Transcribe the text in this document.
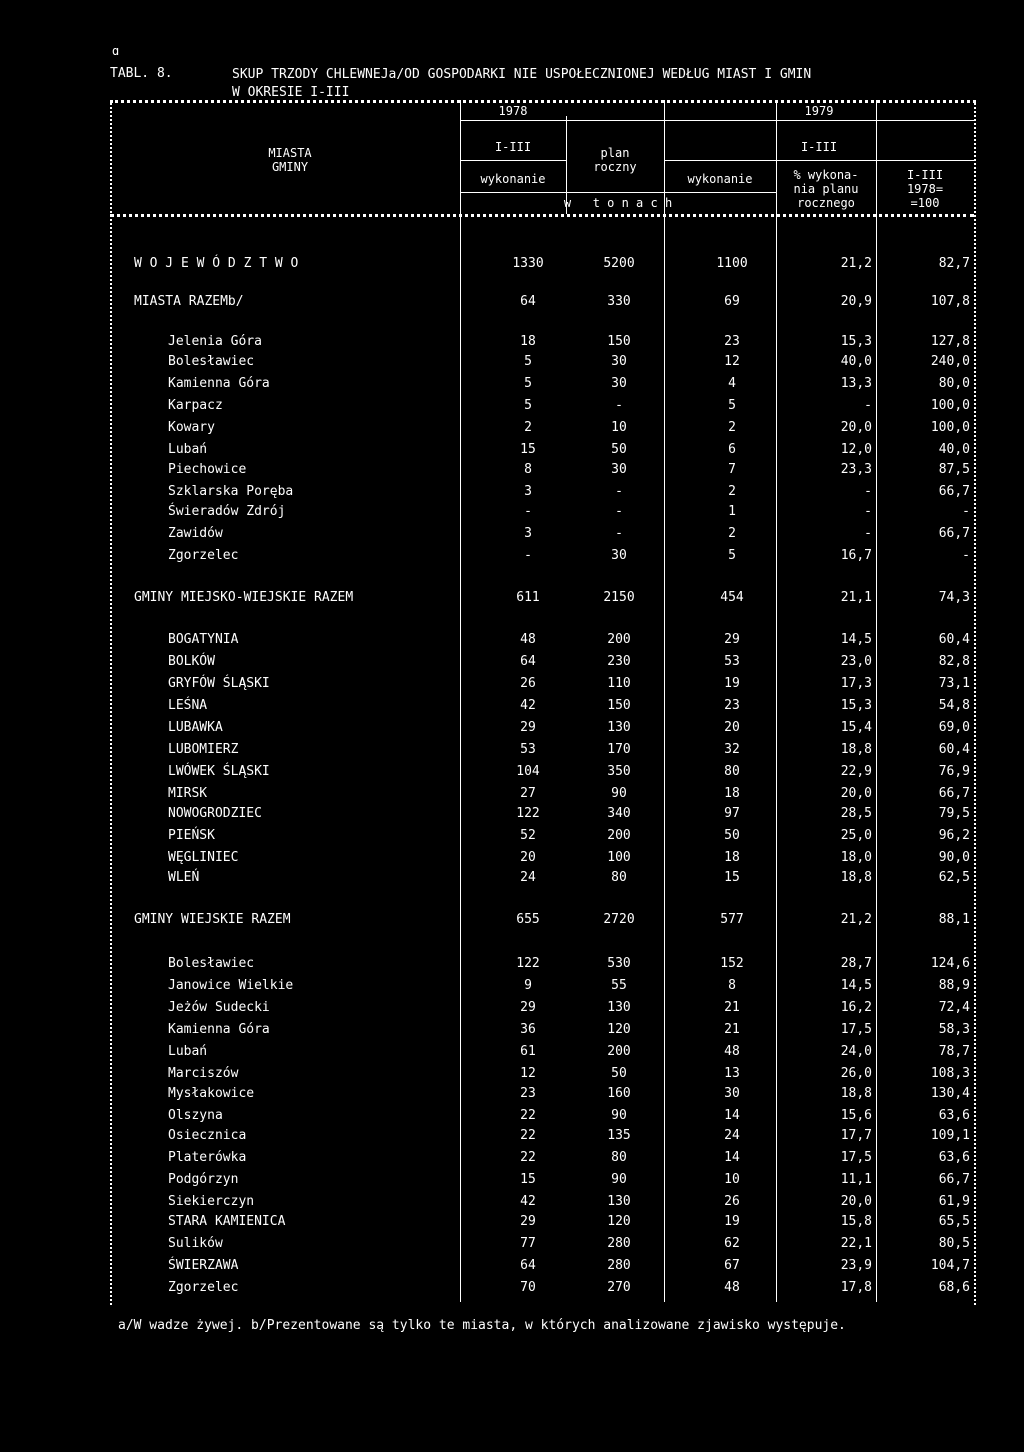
ɑ
TABL. 8.	SKUP TRZODY CHLEWNEJa/OD GOSPODARKI NIE USPOŁECZNIONEJ WEDŁUG MIAST I GMIN
W OKRESIE I-III
MIASTA
GMINY
1978	1979
I-III	I-III
wykonanie
plan
roczny
wykonanie	% wykona-
nia planu
rocznego
I-III
1978=
=100
w   t o n a c h
W O J E W Ó D Z T W O	1330	5200	1100	21,2	82,7
MIASTA RAZEMb/	64	330	69	20,9	107,8
Jelenia Góra	18	150	23	15,3	127,8
Bolesławiec	5	30	12	40,0	240,0
Kamienna Góra	5	30	4	13,3	80,0
Karpacz	5	-	5	-	100,0
Kowary	2	10	2	20,0	100,0
Lubań	15	50	6	12,0	40,0
Piechowice	8	30	7	23,3	87,5
Szklarska Poręba	3	-	2	-	66,7
Świeradów Zdrój	-	-	1	-	-
Zawidów	3	-	2	-	66,7
Zgorzelec	-	30	5	16,7	-
GMINY MIEJSKO-WIEJSKIE RAZEM	611	2150	454	21,1	74,3
BOGATYNIA	48	200	29	14,5	60,4
BOLKÓW	64	230	53	23,0	82,8
GRYFÓW ŚLĄSKI	26	110	19	17,3	73,1
LEŚNA	42	150	23	15,3	54,8
LUBAWKA	29	130	20	15,4	69,0
LUBOMIERZ	53	170	32	18,8	60,4
LWÓWEK ŚLĄSKI	104	350	80	22,9	76,9
MIRSK	27	90	18	20,0	66,7
NOWOGRODZIEC	122	340	97	28,5	79,5
PIEŃSK	52	200	50	25,0	96,2
WĘGLINIEC	20	100	18	18,0	90,0
WLEŃ	24	80	15	18,8	62,5
GMINY WIEJSKIE RAZEM	655	2720	577	21,2	88,1
Bolesławiec	122	530	152	28,7	124,6
Janowice Wielkie	9	55	8	14,5	88,9
Jeżów Sudecki	29	130	21	16,2	72,4
Kamienna Góra	36	120	21	17,5	58,3
Lubań	61	200	48	24,0	78,7
Marciszów	12	50	13	26,0	108,3
Mysłakowice	23	160	30	18,8	130,4
Olszyna	22	90	14	15,6	63,6
Osiecznica	22	135	24	17,7	109,1
Platerówka	22	80	14	17,5	63,6
Podgórzyn	15	90	10	11,1	66,7
Siekierczyn	42	130	26	20,0	61,9
STARA KAMIENICA	29	120	19	15,8	65,5
Sulików	77	280	62	22,1	80,5
ŚWIERZAWA	64	280	67	23,9	104,7
Zgorzelec	70	270	48	17,8	68,6
a/W wadze żywej. b/Prezentowane są tylko te miasta, w których analizowane zjawisko występuje.
